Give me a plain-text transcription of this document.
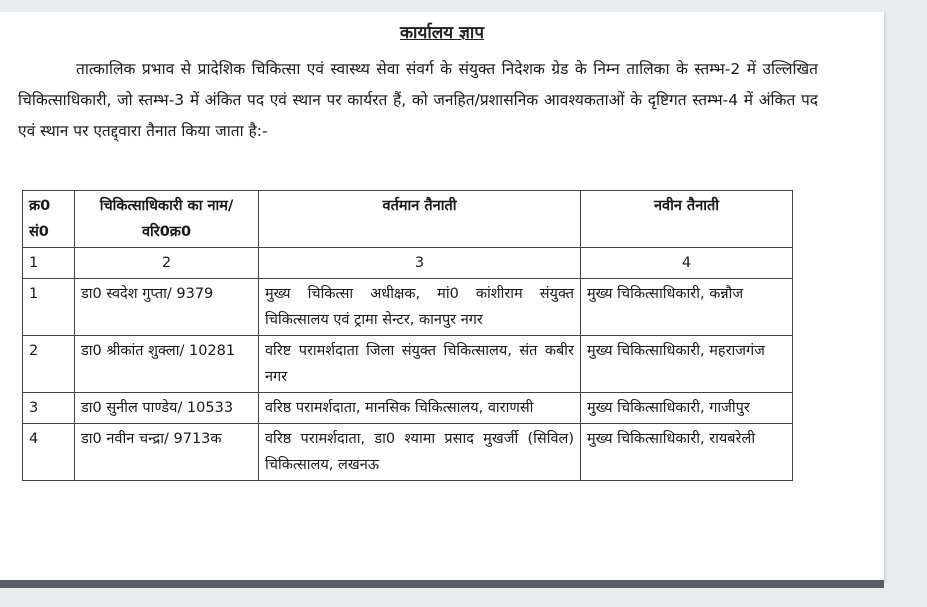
कार्यालय ज्ञाप
तात्कालिक प्रभाव से प्रादेशिक चिकित्सा एवं स्वास्थ्य सेवा संवर्ग के संयुक्त निदेशक ग्रेड के निम्न तालिका के स्तम्भ-2 में उल्लिखित चिकित्साधिकारी, जो स्तम्भ-3 में अंकित पद एवं स्थान पर कार्यरत हैं, को जनहित/प्रशासनिक आवश्यकताओं के दृष्टिगत स्तम्भ-4 में अंकित पद एवं स्थान पर एतद्द्वारा तैनात किया जाता है:-
क्र0 सं0	चिकित्साधिकारी का नाम/ वरि0क्र0	वर्तमान तैनाती	नवीन तैनाती
1	2	3	4
1	डा0 स्वदेश गुप्ता/ 9379	मुख्य चिकित्सा अधीक्षक, मां0 कांशीराम संयुक्त चिकित्सालय एवं ट्रामा सेन्टर, कानपुर नगर	मुख्य चिकित्साधिकारी, कन्नौज
2	डा0 श्रीकांत शुक्ला/ 10281	वरिष्ट परामर्शदाता जिला संयुक्त चिकित्सालय, संत कबीर नगर	मुख्य चिकित्साधिकारी, महराजगंज
3	डा0 सुनील पाण्डेय/ 10533	वरिष्ठ परामर्शदाता, मानसिक चिकित्सालय, वाराणसी	मुख्य चिकित्साधिकारी, गाजीपुर
4	डा0 नवीन चन्द्रा/ 9713क	वरिष्ठ परामर्शदाता, डा0 श्यामा प्रसाद मुखर्जी (सिविल) चिकित्सालय, लखनऊ	मुख्य चिकित्साधिकारी, रायबरेली
